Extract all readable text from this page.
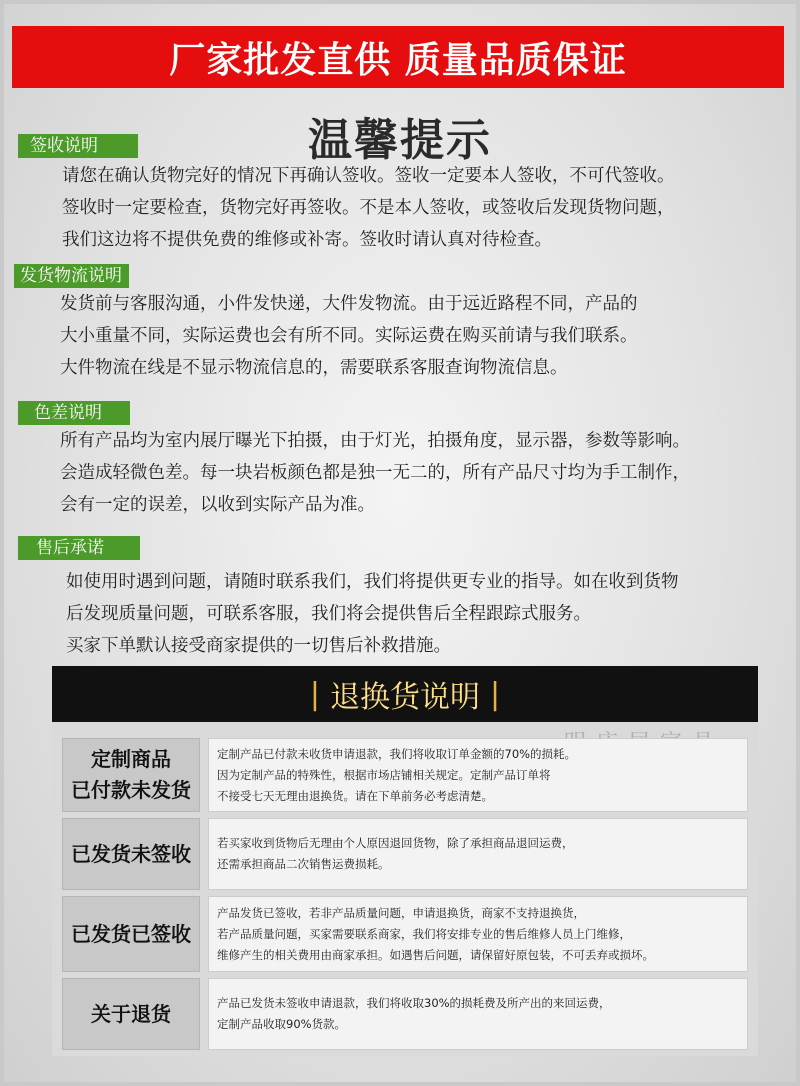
厂家批发直供 质量品质保证
温馨提示
签收说明
请您在确认货物完好的情况下再确认签收。签收一定要本人签收，不可代签收。
签收时一定要检查，货物完好再签收。不是本人签收，或签收后发现货物问题，
我们这边将不提供免费的维修或补寄。签收时请认真对待检查。
发货物流说明
发货前与客服沟通，小件发快递，大件发物流。由于远近路程不同，产品的
大小重量不同，实际运费也会有所不同。实际运费在购买前请与我们联系。
大件物流在线是不显示物流信息的，需要联系客服查询物流信息。
色差说明
所有产品均为室内展厅曝光下拍摄，由于灯光，拍摄角度，显示器，参数等影响。
会造成轻微色差。每一块岩板颜色都是独一无二的，所有产品尺寸均为手工制作，
会有一定的误差，以收到实际产品为准。
售后承诺
如使用时遇到问题，请随时联系我们，我们将提供更专业的指导。如在收到货物
后发现质量问题，可联系客服，我们将会提供售后全程跟踪式服务。
买家下单默认接受商家提供的一切售后补救措施。
| 退换货说明 |
定制商品
已付款未发货
定制产品已付款未收货申请退款，我们将收取订单金额的70%的损耗。
因为定制产品的特殊性，根据市场店铺相关规定。定制产品订单将
不接受七天无理由退换货。请在下单前务必考虑清楚。
已发货未签收 若买家收到货物后无理由个人原因退回货物，除了承担商品退回运费，
还需承担商品二次销售运费损耗。
已发货已签收
产品发货已签收，若非产品质量问题，申请退换货，商家不支持退换货，
若产品质量问题，买家需要联系商家，我们将安排专业的售后维修人员上门维修，
维修产生的相关费用由商家承担。如遇售后问题，请保留好原包装，不可丢弃或损坏。
关于退货	产品已发货未签收申请退款，我们将收取30%的损耗费及所产出的来回运费，
定制产品收取90%货款。
